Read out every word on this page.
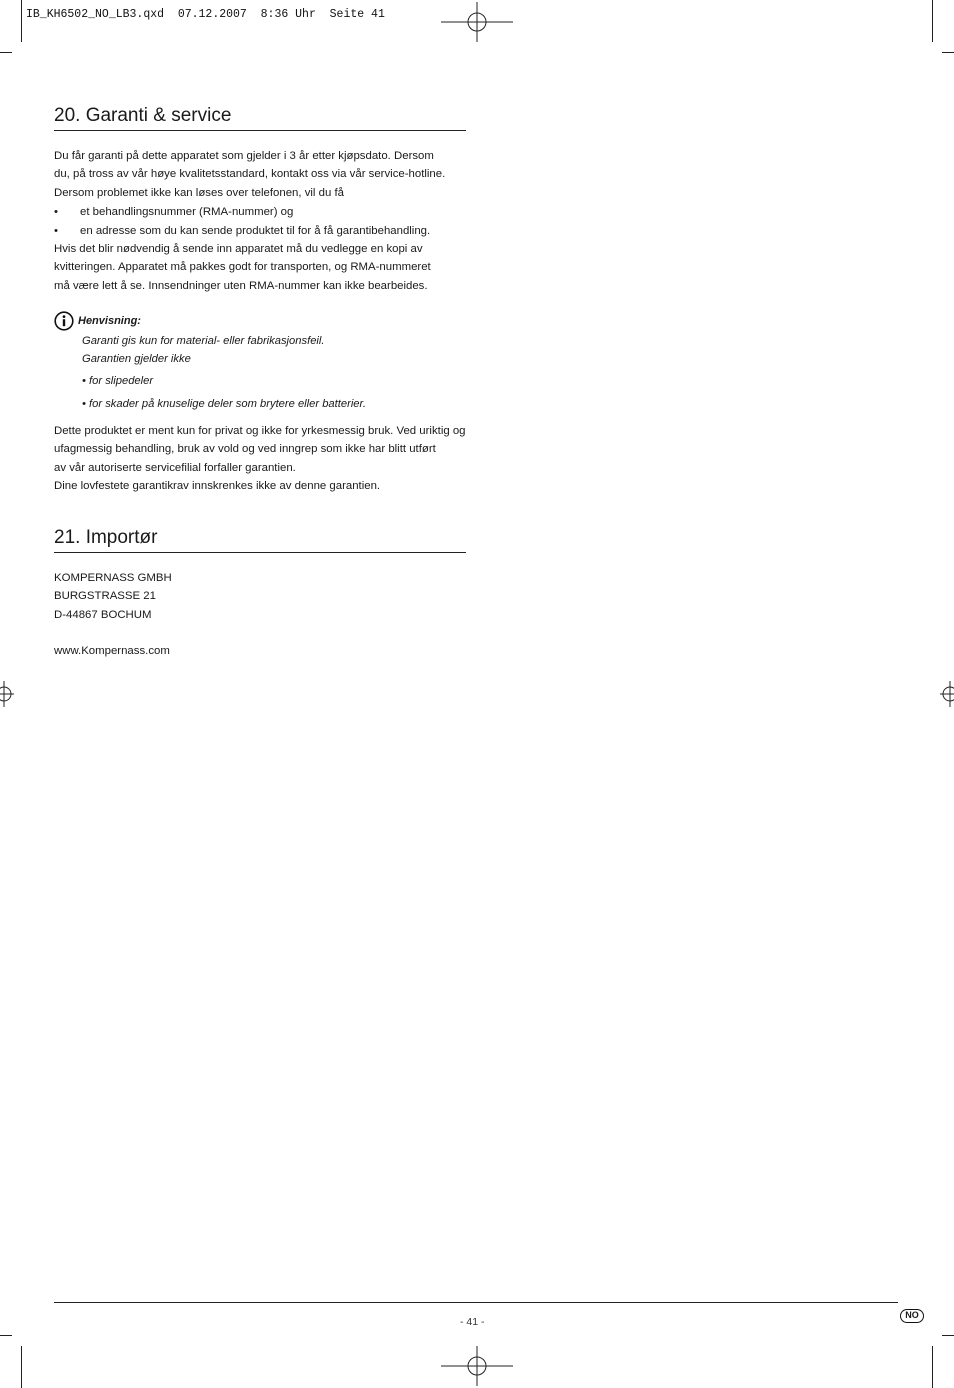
IB_KH6502_NO_LB3.qxd  07.12.2007  8:36 Uhr  Seite 41
20. Garanti & service

Du får garanti på dette apparatet som gjelder i 3 år etter kjøpsdato. Dersom

du, på tross av vår høye kvalitetsstandard, kontakt oss via vår service-hotline.

Dersom problemet ikke kan løses over telefonen, vil du få

• et behandlingsnummer (RMA-nummer) og

• en adresse som du kan sende produktet til for å få garantibehandling.

Hvis det blir nødvendig å sende inn apparatet må du vedlegge en kopi av

kvitteringen. Apparatet må pakkes godt for transporten, og RMA-nummeret

må være lett å se. Innsendninger uten RMA-nummer kan ikke bearbeides.

Henvisning:

Garanti gis kun for material- eller fabrikasjonsfeil.

Garantien gjelder ikke

• for slipedeler

• for skader på knuselige deler som brytere eller batterier.

Dette produktet er ment kun for privat og ikke for yrkesmessig bruk. Ved uriktig og

ufagmessig behandling, bruk av vold og ved inngrep som ikke har blitt utført

av vår autoriserte servicefilial forfaller garantien.

Dine lovfestete garantikrav innskrenkes ikke av denne garantien.

21. Importør

KOMPERNASS GMBH

BURGSTRASSE 21

D-44867 BOCHUM

www.Kompernass.com

- 41 -
NO
